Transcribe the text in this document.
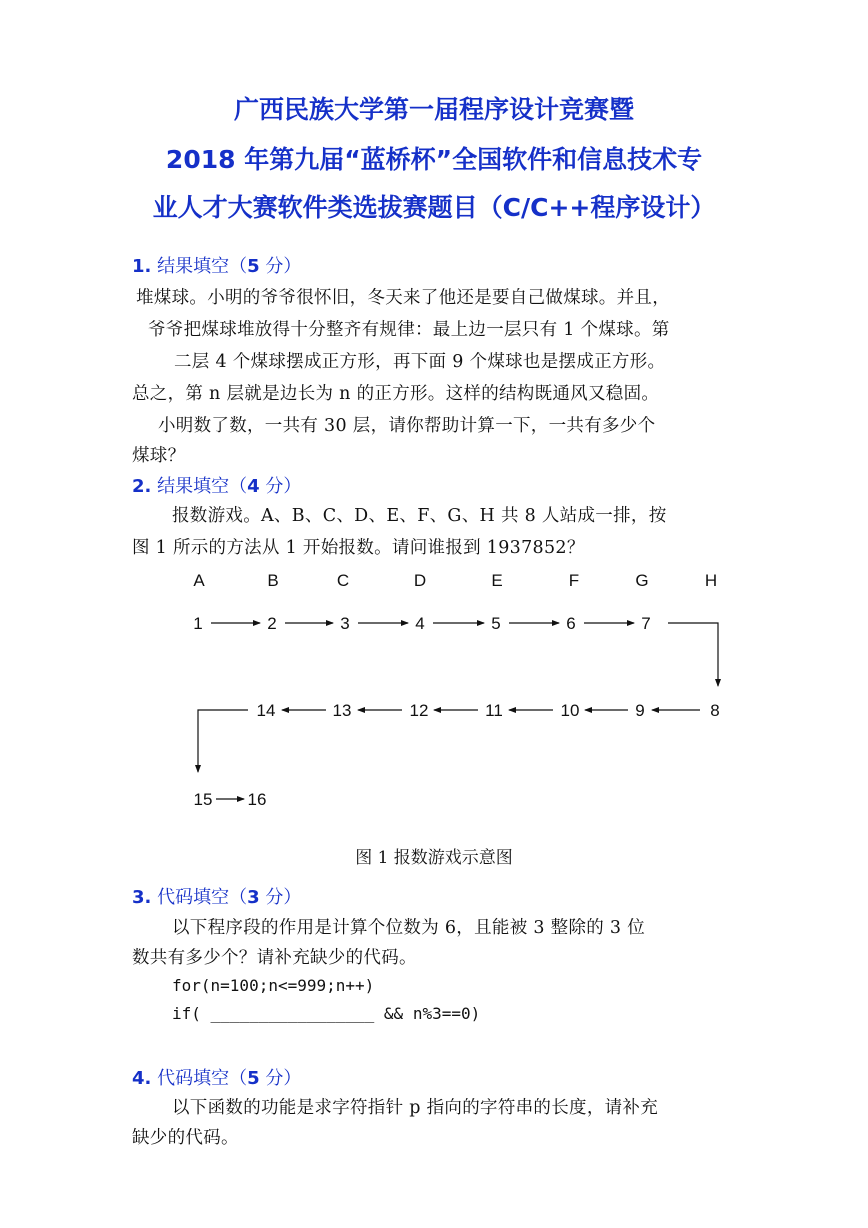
广西民族大学第一届程序设计竞赛暨
2018 年第九届“蓝桥杯”全国软件和信息技术专
业人才大赛软件类选拔赛题目（C/C++程序设计）
1. 结果填空（5 分）
堆煤球。小明的爷爷很怀旧，冬天来了他还是要自己做煤球。并且，
爷爷把煤球堆放得十分整齐有规律：最上边一层只有 1 个煤球。第
二层 4 个煤球摆成正方形，再下面 9 个煤球也是摆成正方形。
总之，第 n 层就是边长为 n 的正方形。这样的结构既通风又稳固。
小明数了数，一共有 30 层，请你帮助计算一下，一共有多少个
煤球？
2. 结果填空（4 分）
报数游戏。A、B、C、D、E、F、G、H 共 8 人站成一排，按
图 1 所示的方法从 1 开始报数。请问谁报到 1937852？
A	B	C	D	E	F	G	H
1	2	3	4	5	6	7
14	13	12	11	10	9	8
15 16
图 1 报数游戏示意图
3. 代码填空（3 分）
以下程序段的作用是计算个位数为 6，且能被 3 整除的 3 位
数共有多少个？请补充缺少的代码。
for(n=100;n<=999;n++)
if( _________________ && n%3==0)
4. 代码填空（5 分）
以下函数的功能是求字符指针 p 指向的字符串的长度，请补充
缺少的代码。
